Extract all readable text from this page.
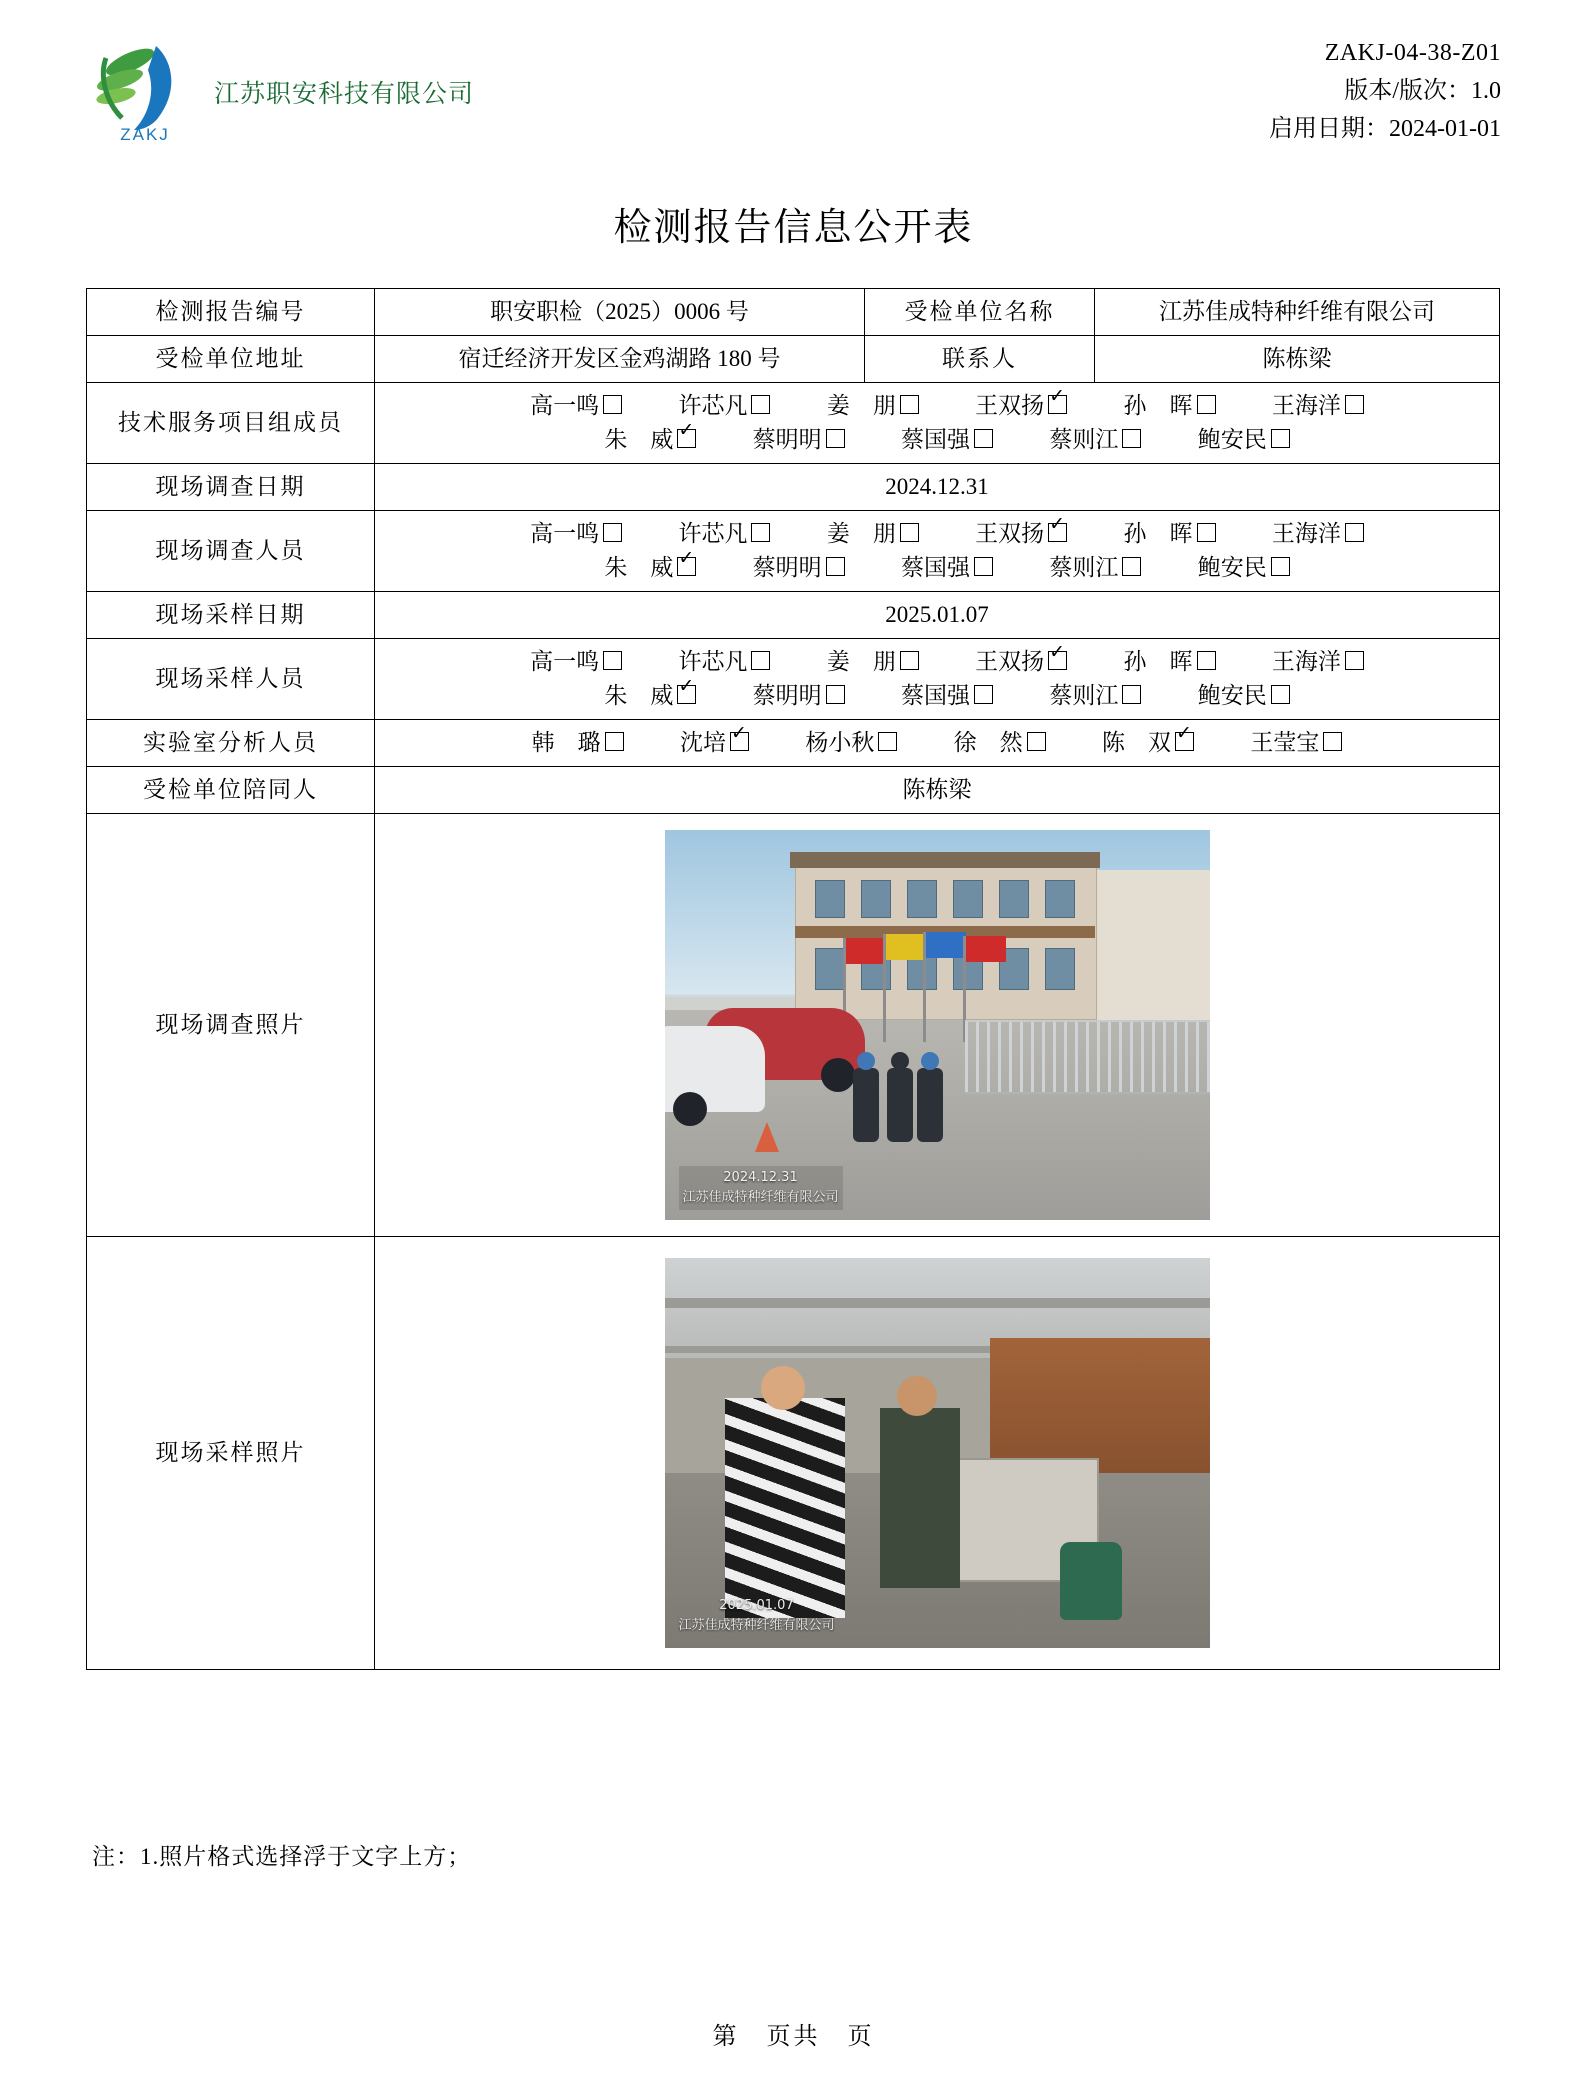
ZAKJ
江苏职安科技有限公司
ZAKJ-04-38-Z01
版本/版次：1.0
启用日期：2024-01-01
检测报告信息公开表
检测报告编号	职安职检（2025）0006 号	受检单位名称	江苏佳成特种纤维有限公司
受检单位地址	宿迁经济开发区金鸡湖路 180 号	联系人	陈栋梁
技术服务项目组成员	高一鸣 许芯凡 姜　朋 王双扬 ✓ 孙　晖 王海洋
朱　威 ✓ 蔡明明 蔡国强 蔡则江 鲍安民

现场调查日期	2024.12.31		
现场调查人员	高一鸣 许芯凡 姜　朋 王双扬 ✓ 孙　晖 王海洋
朱　威 ✓ 蔡明明 蔡国强 蔡则江 鲍安民

现场采样日期	2025.01.07		
现场采样人员	高一鸣 许芯凡 姜　朋 王双扬 ✓ 孙　晖 王海洋
朱　威 ✓ 蔡明明 蔡国强 蔡则江 鲍安民

实验室分析人员	韩　璐 沈培 ✓ 杨小秋 徐　然 陈　双 ✓ 王莹宝
受检单位陪同人	陈栋梁		
现场调查照片	2024.12.31
江苏佳成特种纤维有限公司		

现场采样照片	2025.01.07
江苏佳成特种纤维有限公司		
注：1.照片格式选择浮于文字上方；
第　页共　页
